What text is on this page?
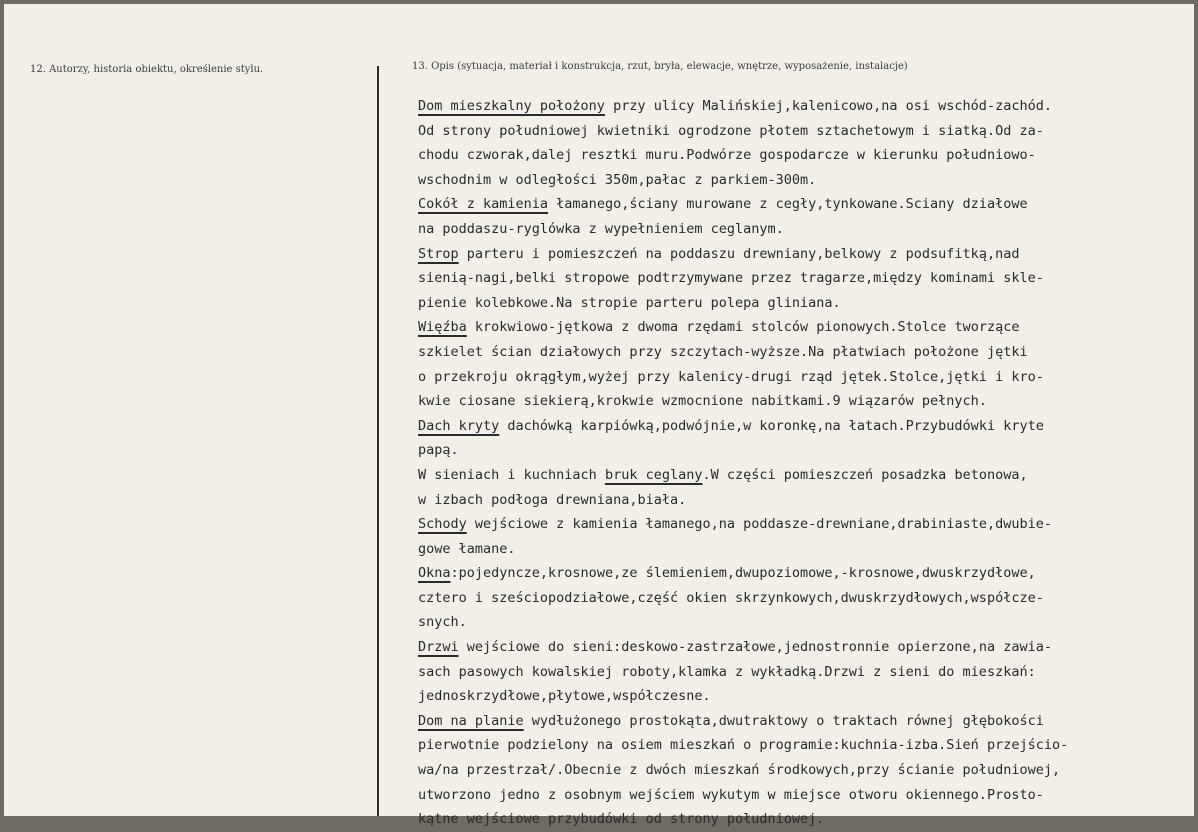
12. Autorzy, historia obiektu, określenie stylu.	13. Opis (sytuacja, materiał i konstrukcja, rzut, bryła, elewacje, wnętrze, wyposażenie, instalacje)
Dom mieszkalny położony przy ulicy Malińskiej,kalenicowo,na osi wschód-zachód.
Od strony południowej kwietniki ogrodzone płotem sztachetowym i siatką.Od za-
chodu czworak,dalej resztki muru.Podwórze gospodarcze w kierunku południowo-
wschodnim w odległości 350m,pałac z parkiem-300m.
Cokół z kamienia łamanego,ściany murowane z cegły,tynkowane.Sciany działowe
na poddaszu-ryglówka z wypełnieniem ceglanym.
Strop parteru i pomieszczeń na poddaszu drewniany,belkowy z podsufitką,nad
sienią-nagi,belki stropowe podtrzymywane przez tragarze,między kominami skle-
pienie kolebkowe.Na stropie parteru polepa gliniana.
Więźba krokwiowo-jętkowa z dwoma rzędami stolców pionowych.Stolce tworzące
szkielet ścian działowych przy szczytach-wyższe.Na płatwiach położone jętki
o przekroju okrągłym,wyżej przy kalenicy-drugi rząd jętek.Stolce,jętki i kro-
kwie ciosane siekierą,krokwie wzmocnione nabitkami.9 wiązarów pełnych.
Dach kryty dachówką karpiówką,podwójnie,w koronkę,na łatach.Przybudówki kryte
papą.
W sieniach i kuchniach bruk ceglany.W części pomieszczeń posadzka betonowa,
w izbach podłoga drewniana,biała.
Schody wejściowe z kamienia łamanego,na poddasze-drewniane,drabiniaste,dwubie-
gowe łamane.
Okna:pojedyncze,krosnowe,ze ślemieniem,dwupoziomowe,-krosnowe,dwuskrzydłowe,
cztero i sześciopodziałowe,część okien skrzynkowych,dwuskrzydłowych,współcze-
snych.
Drzwi wejściowe do sieni:deskowo-zastrzałowe,jednostronnie opierzone,na zawia-
sach pasowych kowalskiej roboty,klamka z wykładką.Drzwi z sieni do mieszkań:
jednoskrzydłowe,płytowe,współczesne.
Dom na planie wydłużonego prostokąta,dwutraktowy o traktach równej głębokości
pierwotnie podzielony na osiem mieszkań o programie:kuchnia-izba.Sień przejścio-
wa/na przestrzał/.Obecnie z dwóch mieszkań środkowych,przy ścianie południowej,
utworzono jedno z osobnym wejściem wykutym w miejsce otworu okiennego.Prosto-
kątne wejściowe przybudówki od strony południowej.
